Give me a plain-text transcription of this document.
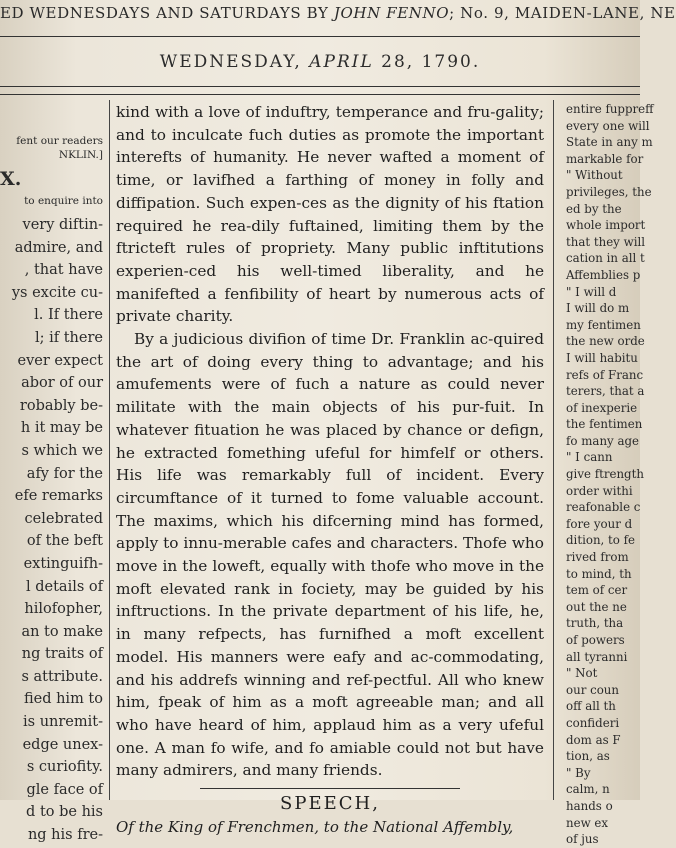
ED WEDNESDAYS AND SATURDAYS BY JOHN FENNO; No. 9, MAIDEN-LANE, NE
WEDNESDAY, APRIL 28, 1790.
fent our readers
NKLIN.]
X.
to enquire into
very diftin-
admire, and
, that have
ys excite cu-
l. If there
l; if there
ever expect
abor of our
robably be-
h it may be
s which we
afy for the
efe remarks
celebrated
of the beft
extinguifh-
l details of
hilofopher,
an to make
ng traits of
s attribute.
fied him to
is unremit-
edge unex-
s curiofity.
gle face of
d to be his
ng his fre-

kind with a love of induftry, temperance and fru-gality; and to inculcate fuch duties as promote the important interefts of humanity. He never wafted a moment of time, or lavifhed a farthing of money in folly and diffipation. Such expen-ces as the dignity of his ftation required he rea-dily fuftained, limiting them by the ftricteft rules of propriety. Many public inftitutions experien-ced his well-timed liberality, and he manifefted a fenfibility of heart by numerous acts of private charity.

By a judicious divifion of time Dr. Franklin ac-quired the art of doing every thing to advantage; and his amufements were of fuch a nature as could never militate with the main objects of his pur-fuit. In whatever fituation he was placed by chance or defign, he extracted fomething ufeful for himfelf or others. His life was remarkably full of incident. Every circumftance of it turned to fome valuable account. The maxims, which his difcerning mind has formed, apply to innu-merable cafes and characters. Thofe who move in the loweft, equally with thofe who move in the moft elevated rank in fociety, may be guided by his inftructions. In the private department of his life, he, in many refpects, has furnifhed a moft excellent model. His manners were eafy and ac-commodating, and his addrefs winning and ref-pectful. All who knew him, fpeak of him as a moft agreeable man; and all who have heard of him, applaud him as a very ufeful one. A man fo wife, and fo amiable could not but have many admirers, and many friends.

SPEECH,
Of the King of Frenchmen, to the National Affembly,
entire fuppreff
every one will
State in any m
markable for
" Without
privileges, the
ed by the
whole import
that they will
cation in all t
Affemblies p
" I will d
I will do m
my fentimen
the new orde
I will habitu
refs of Franc
terers, that a
of inexperie
the fentimen
fo many age
" I cann
give ftrength
order withi
reafonable c
fore your d
dition, to fe
rived from
to mind, th
tem of cer
out the ne
truth, tha
of powers
all tyranni
" Not
our coun
off all th
confideri
dom as F
tion, as
" By
calm, n
hands o
new ex
of jus
